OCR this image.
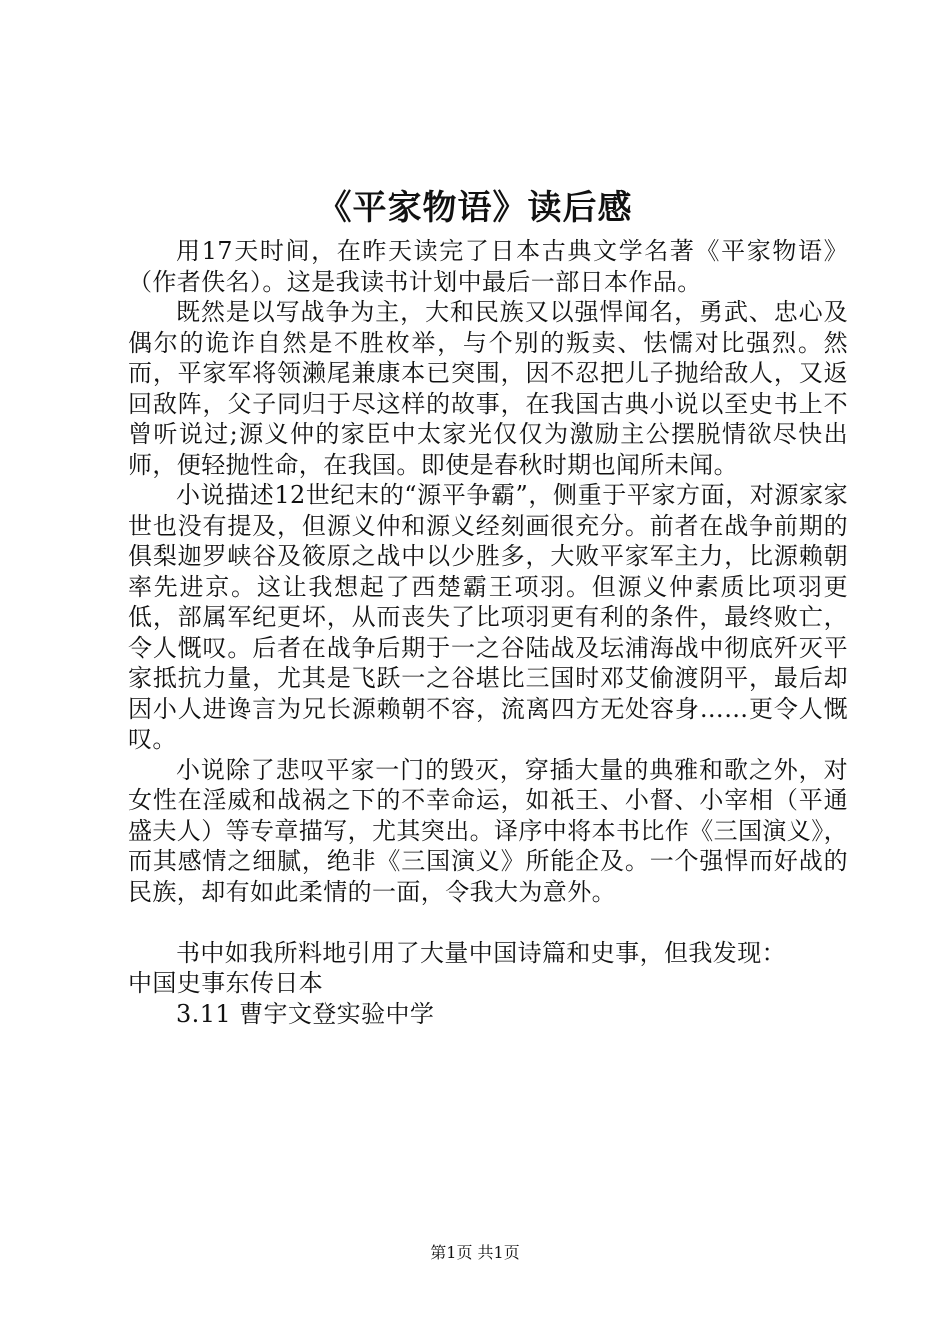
《平家物语》读后感

用17天时间，在昨天读完了日本古典文学名著《平家物语》（作者佚名）。这是我读书计划中最后一部日本作品。

既然是以写战争为主，大和民族又以强悍闻名，勇武、忠心及偶尔的诡诈自然是不胜枚举，与个别的叛卖、怯懦对比强烈。然而，平家军将领濑尾兼康本已突围，因不忍把儿子抛给敌人，又返回敌阵，父子同归于尽这样的故事，在我国古典小说以至史书上不曾听说过;源义仲的家臣中太家光仅仅为激励主公摆脱情欲尽快出师，便轻抛性命，在我国。即使是春秋时期也闻所未闻。

小说描述12世纪末的“源平争霸”，侧重于平家方面，对源家家世也没有提及，但源义仲和源义经刻画很充分。前者在战争前期的俱梨迦罗峡谷及筱原之战中以少胜多，大败平家军主力，比源赖朝率先进京。这让我想起了西楚霸王项羽。但源义仲素质比项羽更低，部属军纪更坏，从而丧失了比项羽更有利的条件，最终败亡，令人慨叹。后者在战争后期于一之谷陆战及坛浦海战中彻底歼灭平家抵抗力量，尤其是飞跃一之谷堪比三国时邓艾偷渡阴平，最后却因小人进谗言为兄长源赖朝不容，流离四方无处容身……更令人慨叹。

小说除了悲叹平家一门的毁灭，穿插大量的典雅和歌之外，对女性在淫威和战祸之下的不幸命运，如祇王、小督、小宰相（平通盛夫人）等专章描写，尤其突出。译序中将本书比作《三国演义》，而其感情之细腻，绝非《三国演义》所能企及。一个强悍而好战的民族，却有如此柔情的一面，令我大为意外。

书中如我所料地引用了大量中国诗篇和史事，但我发现：

中国史事东传日本

3.11 曹宇文登实验中学

第1页 共1页
